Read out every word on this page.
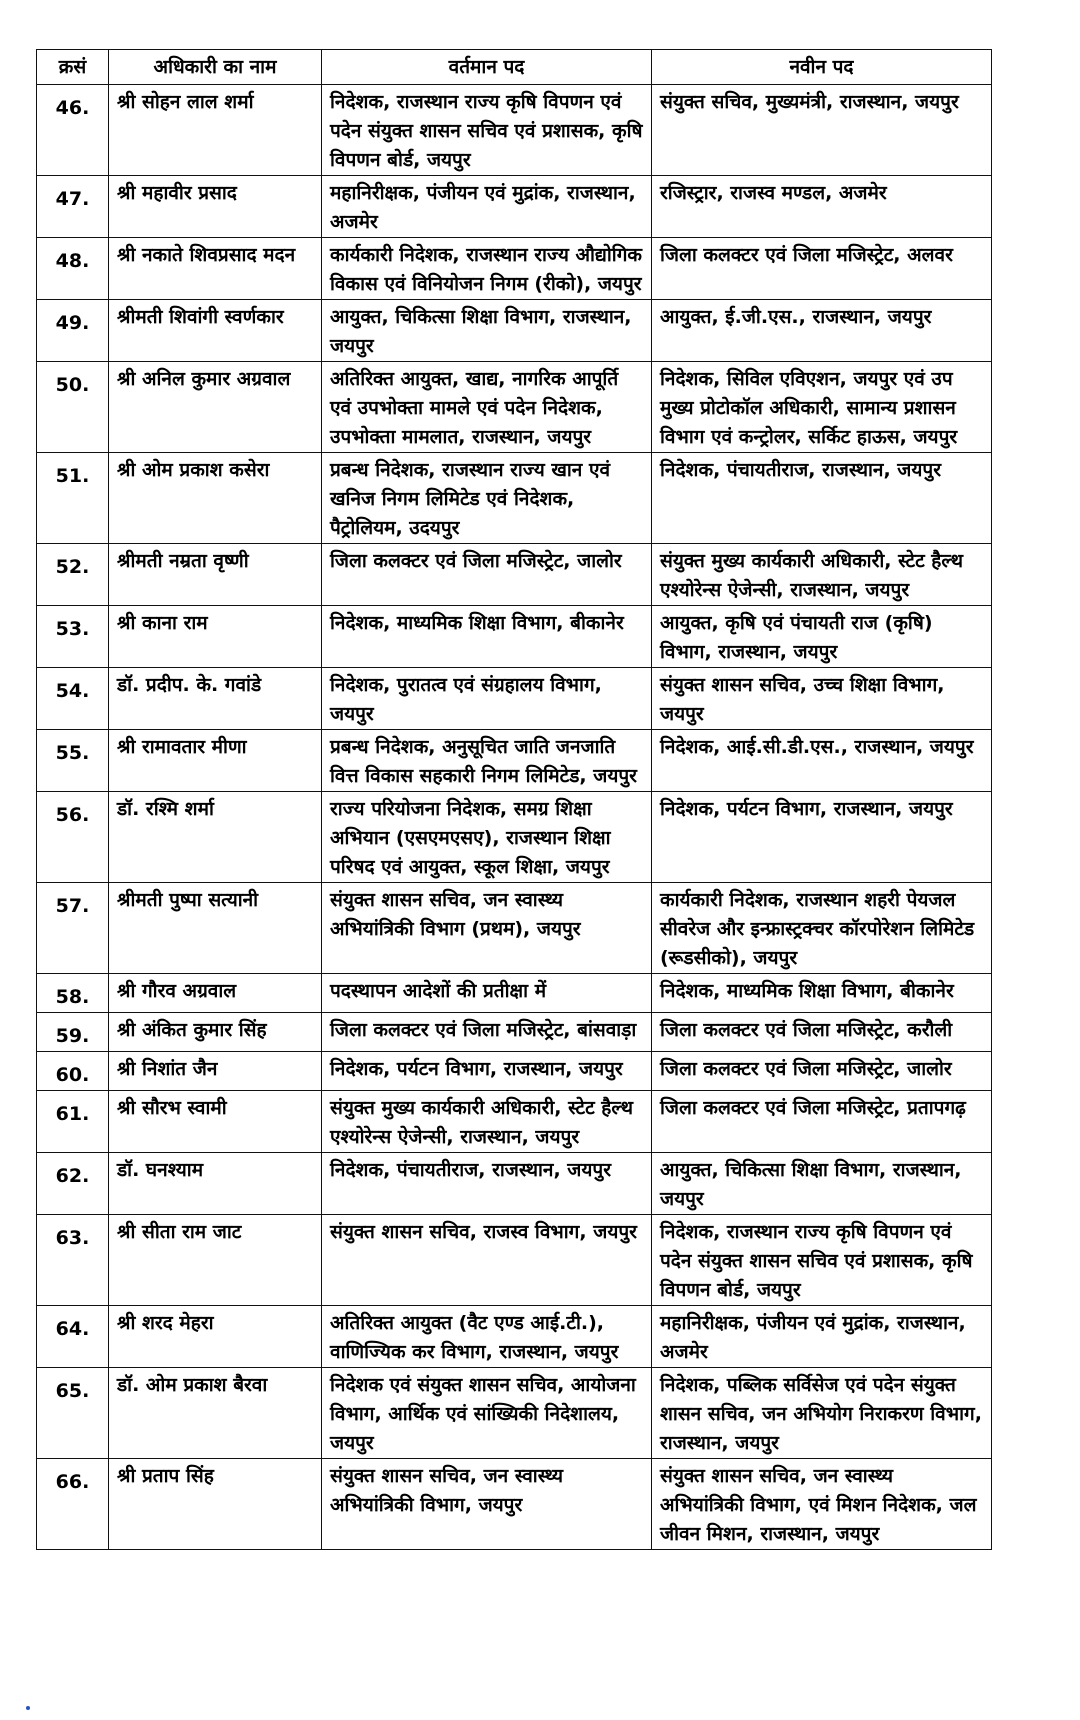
क्रसं	अधिकारी का नाम	वर्तमान पद	नवीन पद
46.	श्री सोहन लाल शर्मा	निदेशक, राजस्थान राज्य कृषि विपणन एवं पदेन संयुक्त शासन सचिव एवं प्रशासक, कृषि विपणन बोर्ड, जयपुर	संयुक्त सचिव, मुख्यमंत्री, राजस्थान, जयपुर
47.	श्री महावीर प्रसाद	महानिरीक्षक, पंजीयन एवं मुद्रांक, राजस्थान, अजमेर	रजिस्ट्रार, राजस्व मण्डल, अजमेर
48.	श्री नकाते शिवप्रसाद मदन	कार्यकारी निदेशक, राजस्थान राज्य औद्योगिक विकास एवं विनियोजन निगम (रीको), जयपुर	जिला कलक्टर एवं जिला मजिस्ट्रेट, अलवर
49.	श्रीमती शिवांगी स्वर्णकार	आयुक्त, चिकित्सा शिक्षा विभाग, राजस्थान, जयपुर	आयुक्त, ई.जी.एस., राजस्थान, जयपुर
50.	श्री अनिल कुमार अग्रवाल	अतिरिक्त आयुक्त, खाद्य, नागरिक आपूर्ति एवं उपभोक्ता मामले एवं पदेन निदेशक, उपभोक्ता मामलात, राजस्थान, जयपुर	निदेशक, सिविल एविएशन, जयपुर एवं उप मुख्य प्रोटोकॉल अधिकारी, सामान्य प्रशासन विभाग एवं कन्ट्रोलर, सर्किट हाऊस, जयपुर
51.	श्री ओम प्रकाश कसेरा	प्रबन्ध निदेशक, राजस्थान राज्य खान एवं खनिज निगम लिमिटेड एवं निदेशक, पैट्रोलियम, उदयपुर	निदेशक, पंचायतीराज, राजस्थान, जयपुर
52.	श्रीमती नम्रता वृष्णी	जिला कलक्टर एवं जिला मजिस्ट्रेट, जालोर	संयुक्त मुख्य कार्यकारी अधिकारी, स्टेट हैल्थ एश्योरेन्स ऐजेन्सी, राजस्थान, जयपुर
53.	श्री काना राम	निदेशक, माध्यमिक शिक्षा विभाग, बीकानेर	आयुक्त, कृषि एवं पंचायती राज (कृषि) विभाग, राजस्थान, जयपुर
54.	डॉ. प्रदीप. के. गवांडे	निदेशक, पुरातत्व एवं संग्रहालय विभाग, जयपुर	संयुक्त शासन सचिव, उच्च शिक्षा विभाग, जयपुर
55.	श्री रामावतार मीणा	प्रबन्ध निदेशक, अनुसूचित जाति जनजाति वित्त विकास सहकारी निगम लिमिटेड, जयपुर	निदेशक, आई.सी.डी.एस., राजस्थान, जयपुर
56.	डॉ. रश्मि शर्मा	राज्य परियोजना निदेशक, समग्र शिक्षा अभियान (एसएमएसए), राजस्थान शिक्षा परिषद एवं आयुक्त, स्कूल शिक्षा, जयपुर	निदेशक, पर्यटन विभाग, राजस्थान, जयपुर
57.	श्रीमती पुष्पा सत्यानी	संयुक्त शासन सचिव, जन स्वास्थ्य अभियांत्रिकी विभाग (प्रथम), जयपुर	कार्यकारी निदेशक, राजस्थान शहरी पेयजल सीवरेज और इन्फ्रास्ट्रक्चर कॉरपोरेशन लिमिटेड (रूडसीको), जयपुर
58.	श्री गौरव अग्रवाल	पदस्थापन आदेशों की प्रतीक्षा में	निदेशक, माध्यमिक शिक्षा विभाग, बीकानेर
59.	श्री अंकित कुमार सिंह	जिला कलक्टर एवं जिला मजिस्ट्रेट, बांसवाड़ा	जिला कलक्टर एवं जिला मजिस्ट्रेट, करौली
60.	श्री निशांत जैन	निदेशक, पर्यटन विभाग, राजस्थान, जयपुर	जिला कलक्टर एवं जिला मजिस्ट्रेट, जालोर
61.	श्री सौरभ स्वामी	संयुक्त मुख्य कार्यकारी अधिकारी, स्टेट हैल्थ एश्योरेन्स ऐजेन्सी, राजस्थान, जयपुर	जिला कलक्टर एवं जिला मजिस्ट्रेट, प्रतापगढ़
62.	डॉ. घनश्याम	निदेशक, पंचायतीराज, राजस्थान, जयपुर	आयुक्त, चिकित्सा शिक्षा विभाग, राजस्थान, जयपुर
63.	श्री सीता राम जाट	संयुक्त शासन सचिव, राजस्व विभाग, जयपुर	निदेशक, राजस्थान राज्य कृषि विपणन एवं पदेन संयुक्त शासन सचिव एवं प्रशासक, कृषि विपणन बोर्ड, जयपुर
64.	श्री शरद मेहरा	अतिरिक्त आयुक्त (वैट एण्ड आई.टी.), वाणिज्यिक कर विभाग, राजस्थान, जयपुर	महानिरीक्षक, पंजीयन एवं मुद्रांक, राजस्थान, अजमेर
65.	डॉ. ओम प्रकाश बैरवा	निदेशक एवं संयुक्त शासन सचिव, आयोजना विभाग, आर्थिक एवं सांख्यिकी निदेशालय, जयपुर	निदेशक, पब्लिक सर्विसेज एवं पदेन संयुक्त शासन सचिव, जन अभियोग निराकरण विभाग, राजस्थान, जयपुर
66.	श्री प्रताप सिंह	संयुक्त शासन सचिव, जन स्वास्थ्य अभियांत्रिकी विभाग, जयपुर	संयुक्त शासन सचिव, जन स्वास्थ्य अभियांत्रिकी विभाग, एवं मिशन निदेशक, जल जीवन मिशन, राजस्थान, जयपुर
